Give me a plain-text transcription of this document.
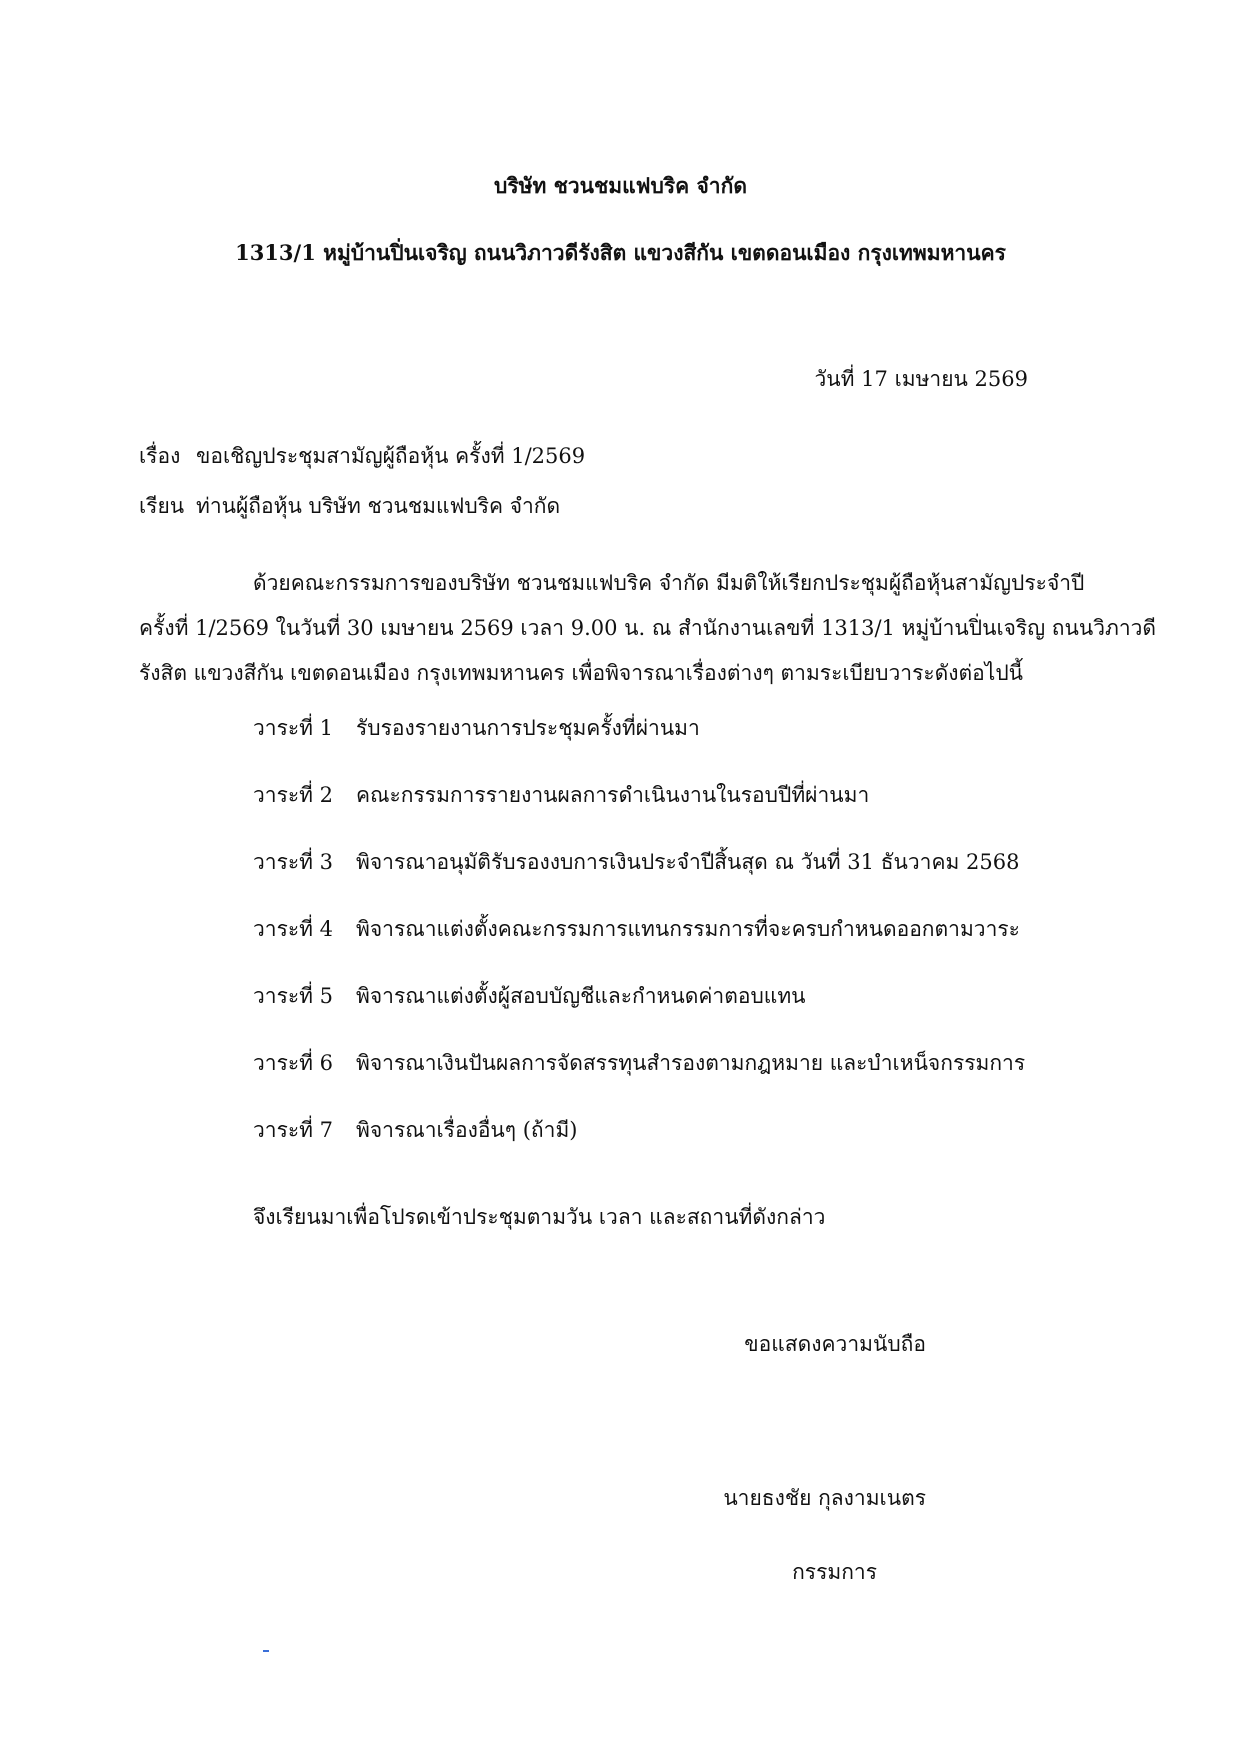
บริษัท ชวนชมแฟบริค จำกัด
1313/1 หมู่บ้านปิ่นเจริญ ถนนวิภาวดีรังสิต แขวงสีกัน เขตดอนเมือง กรุงเทพมหานคร
วันที่ 17 เมษายน 2569
เรื่อง ขอเชิญประชุมสามัญผู้ถือหุ้น ครั้งที่ 1/2569
เรียน ท่านผู้ถือหุ้น บริษัท ชวนชมแฟบริค จำกัด
ด้วยคณะกรรมการของบริษัท ชวนชมแฟบริค จำกัด มีมติให้เรียกประชุมผู้ถือหุ้นสามัญประจำปี
ครั้งที่ 1/2569 ในวันที่ 30 เมษายน 2569 เวลา 9.00 น. ณ สำนักงานเลขที่ 1313/1 หมู่บ้านปิ่นเจริญ ถนนวิภาวดี
รังสิต แขวงสีกัน เขตดอนเมือง กรุงเทพมหานคร เพื่อพิจารณาเรื่องต่างๆ ตามระเบียบวาระดังต่อไปนี้
วาระที่ 1 รับรองรายงานการประชุมครั้งที่ผ่านมา
วาระที่ 2 คณะกรรมการรายงานผลการดำเนินงานในรอบปีที่ผ่านมา
วาระที่ 3 พิจารณาอนุมัติรับรองงบการเงินประจำปีสิ้นสุด ณ วันที่ 31 ธันวาคม 2568
วาระที่ 4 พิจารณาแต่งตั้งคณะกรรมการแทนกรรมการที่จะครบกำหนดออกตามวาระ
วาระที่ 5 พิจารณาแต่งตั้งผู้สอบบัญชีและกำหนดค่าตอบแทน
วาระที่ 6 พิจารณาเงินปันผลการจัดสรรทุนสำรองตามกฎหมาย และบำเหน็จกรรมการ
วาระที่ 7 พิจารณาเรื่องอื่นๆ (ถ้ามี)
จึงเรียนมาเพื่อโปรดเข้าประชุมตามวัน เวลา และสถานที่ดังกล่าว
ขอแสดงความนับถือ
นายธงชัย กุลงามเนตร
กรรมการ
